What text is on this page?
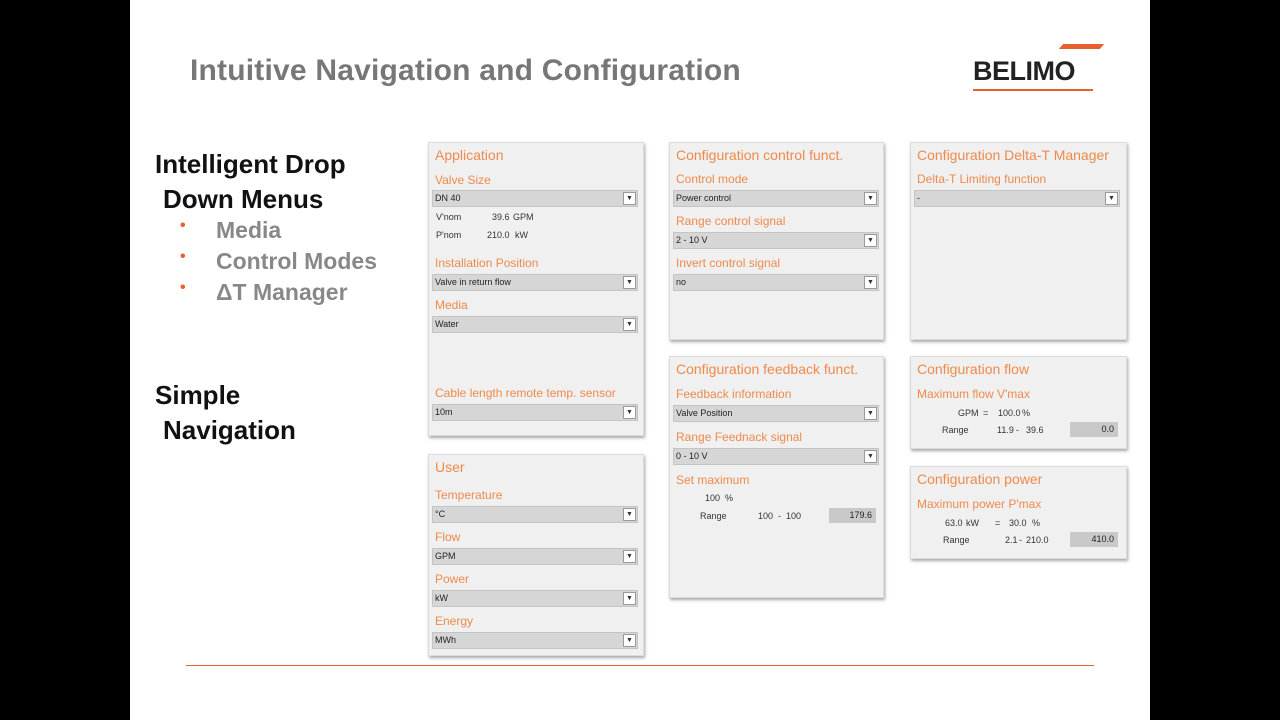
Intuitive Navigation and Configuration	BELIMO
Intelligent Drop
Down Menus
• Media
• Control Modes
• ΔT Manager
Simple
Navigation
Application
Valve Size
DN 40	▼
V'nom	39.6 GPM
P'nom	210.0 kW
Installation Position
Valve in return flow	▼
Media
Water	▼
Cable length remote temp. sensor
10m	▼
User
Temperature
°C	▼
Flow
GPM	▼
Power
kW	▼
Energy
MWh	▼
Configuration control funct.
Control mode
Power control	▼
Range control signal
2 - 10 V	▼
Invert control signal
no	▼
Configuration feedback funct.
Feedback information
Valve Position	▼
Range Feednack signal
0 - 10 V	▼
Set maximum
100 %
Range	100 - 100	179.6
Configuration Delta-T Manager
Delta-T Limiting function
-	▼
Configuration flow
Maximum flow V'max
GPM = 100.0 %
Range	11.9 - 39.6	0.0
Configuration power
Maximum power P'max
63.0 kW = 30.0 %
Range	2.1 - 210.0	410.0
